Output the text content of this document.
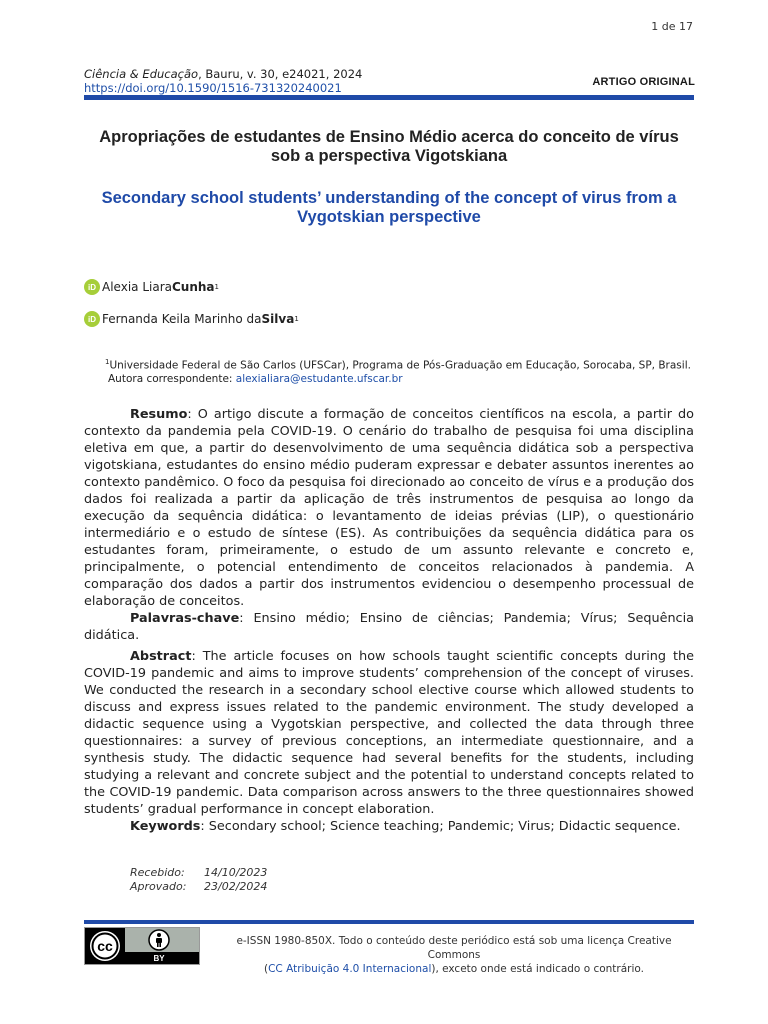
1 de 17
Ciência & Educação, Bauru, v. 30, e24021, 2024
https://doi.org/10.1590/1516-731320240021	ARTIGO ORIGINAL
Apropriações de estudantes de Ensino Médio acerca do conceito de vírus sob a perspectiva Vigotskiana
Secondary school students’ understanding of the concept of virus from a Vygotskian perspective
iD Alexia Liara Cunha 1
iD Fernanda Keila Marinho da Silva 1
$^1$Universidade Federal de São Carlos (UFSCar), Programa de Pós-Graduação em Educação, Sorocaba, SP, Brasil.
Autora correspondente: alexialiara@estudante.ufscar.br
Resumo: O artigo discute a formação de conceitos científicos na escola, a partir do contexto da pandemia pela COVID-19. O cenário do trabalho de pesquisa foi uma disciplina eletiva em que, a partir do desenvolvimento de uma sequência didática sob a perspectiva vigotskiana, estudantes do ensino médio puderam expressar e debater assuntos inerentes ao contexto pandêmico. O foco da pesquisa foi direcionado ao conceito de vírus e a produção dos dados foi realizada a partir da aplicação de três instrumentos de pesquisa ao longo da execução da sequência didática: o levantamento de ideias prévias (LIP), o questionário intermediário e o estudo de síntese (ES). As contribuições da sequência didática para os estudantes foram, primeiramente, o estudo de um assunto relevante e concreto e, principalmente, o potencial entendimento de conceitos relacionados à pandemia. A comparação dos dados a partir dos instrumentos evidenciou o desempenho processual de elaboração de conceitos.
Palavras-chave: Ensino médio; Ensino de ciências; Pandemia; Vírus; Sequência didática.
Abstract: The article focuses on how schools taught scientific concepts during the COVID-19 pandemic and aims to improve students’ comprehension of the concept of viruses. We conducted the research in a secondary school elective course which allowed students to discuss and express issues related to the pandemic environment. The study developed a didactic sequence using a Vygotskian perspective, and collected the data through three questionnaires: a survey of previous conceptions, an intermediate questionnaire, and a synthesis study. The didactic sequence had several benefits for the students, including studying a relevant and concrete subject and the potential to understand concepts related to the COVID-19 pandemic. Data comparison across answers to the three questionnaires showed students’ gradual performance in concept elaboration.
Keywords: Secondary school; Science teaching; Pandemic; Virus; Didactic sequence.
Recebido: 14/10/2023
Aprovado: 23/02/2024
cc
BY
e-ISSN 1980-850X. Todo o conteúdo deste periódico está sob uma licença Creative Commons
(CC Atribuição 4.0 Internacional), exceto onde está indicado o contrário.
